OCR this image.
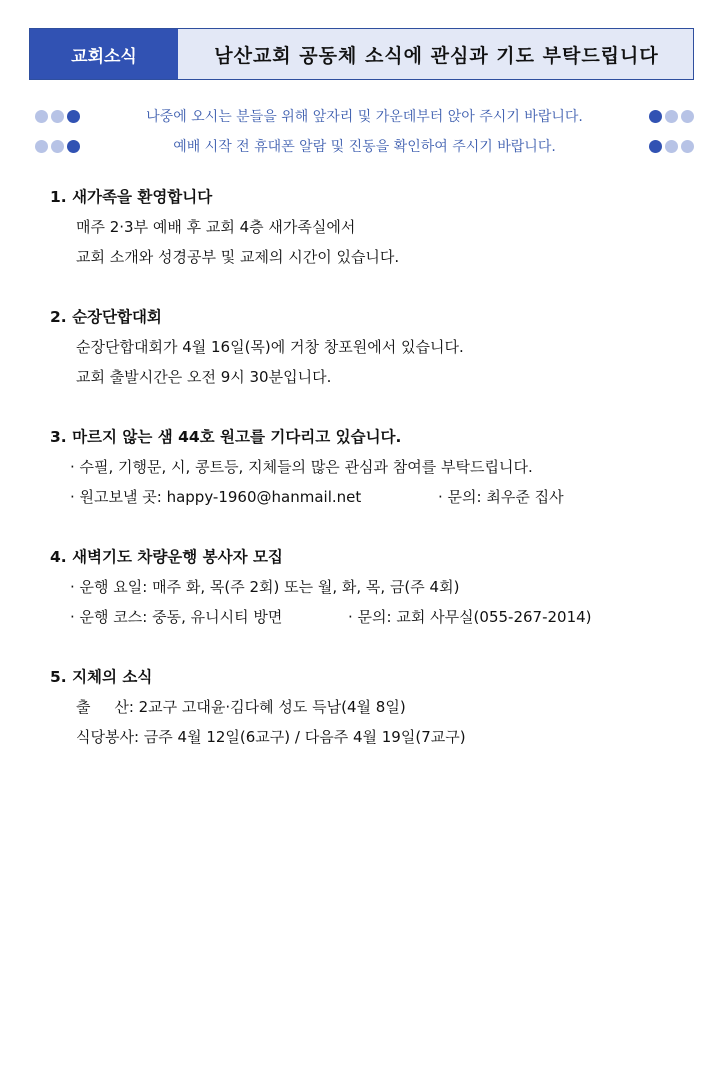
교회소식	남산교회 공동체 소식에 관심과 기도 부탁드립니다
나중에 오시는 분들을 위해 앞자리 및 가운데부터 앉아 주시기 바랍니다.
예배 시작 전 휴대폰 알람 및 진동을 확인하여 주시기 바랍니다.
1. 새가족을 환영합니다
매주 2·3부 예배 후 교회 4층 새가족실에서
교회 소개와 성경공부 및 교제의 시간이 있습니다.
2. 순장단합대회
순장단합대회가 4월 16일(목)에 거창 창포원에서 있습니다.
교회 출발시간은 오전 9시 30분입니다.
3. 마르지 않는 샘 44호 원고를 기다리고 있습니다.
· 수필, 기행문, 시, 콩트등, 지체들의 많은 관심과 참여를 부탁드립니다.
· 원고보낼 곳: happy-1960@hanmail.net	· 문의: 최우준 집사
4. 새벽기도 차량운행 봉사자 모집
· 운행 요일: 매주 화, 목(주 2회) 또는 월, 화, 목, 금(주 4회)
· 운행 코스: 중동, 유니시티 방면	· 문의: 교회 사무실(055-267-2014)
5. 지체의 소식
출     산: 2교구 고대윤·김다혜 성도 득남(4월 8일)
식당봉사: 금주 4월 12일(6교구) / 다음주 4월 19일(7교구)
